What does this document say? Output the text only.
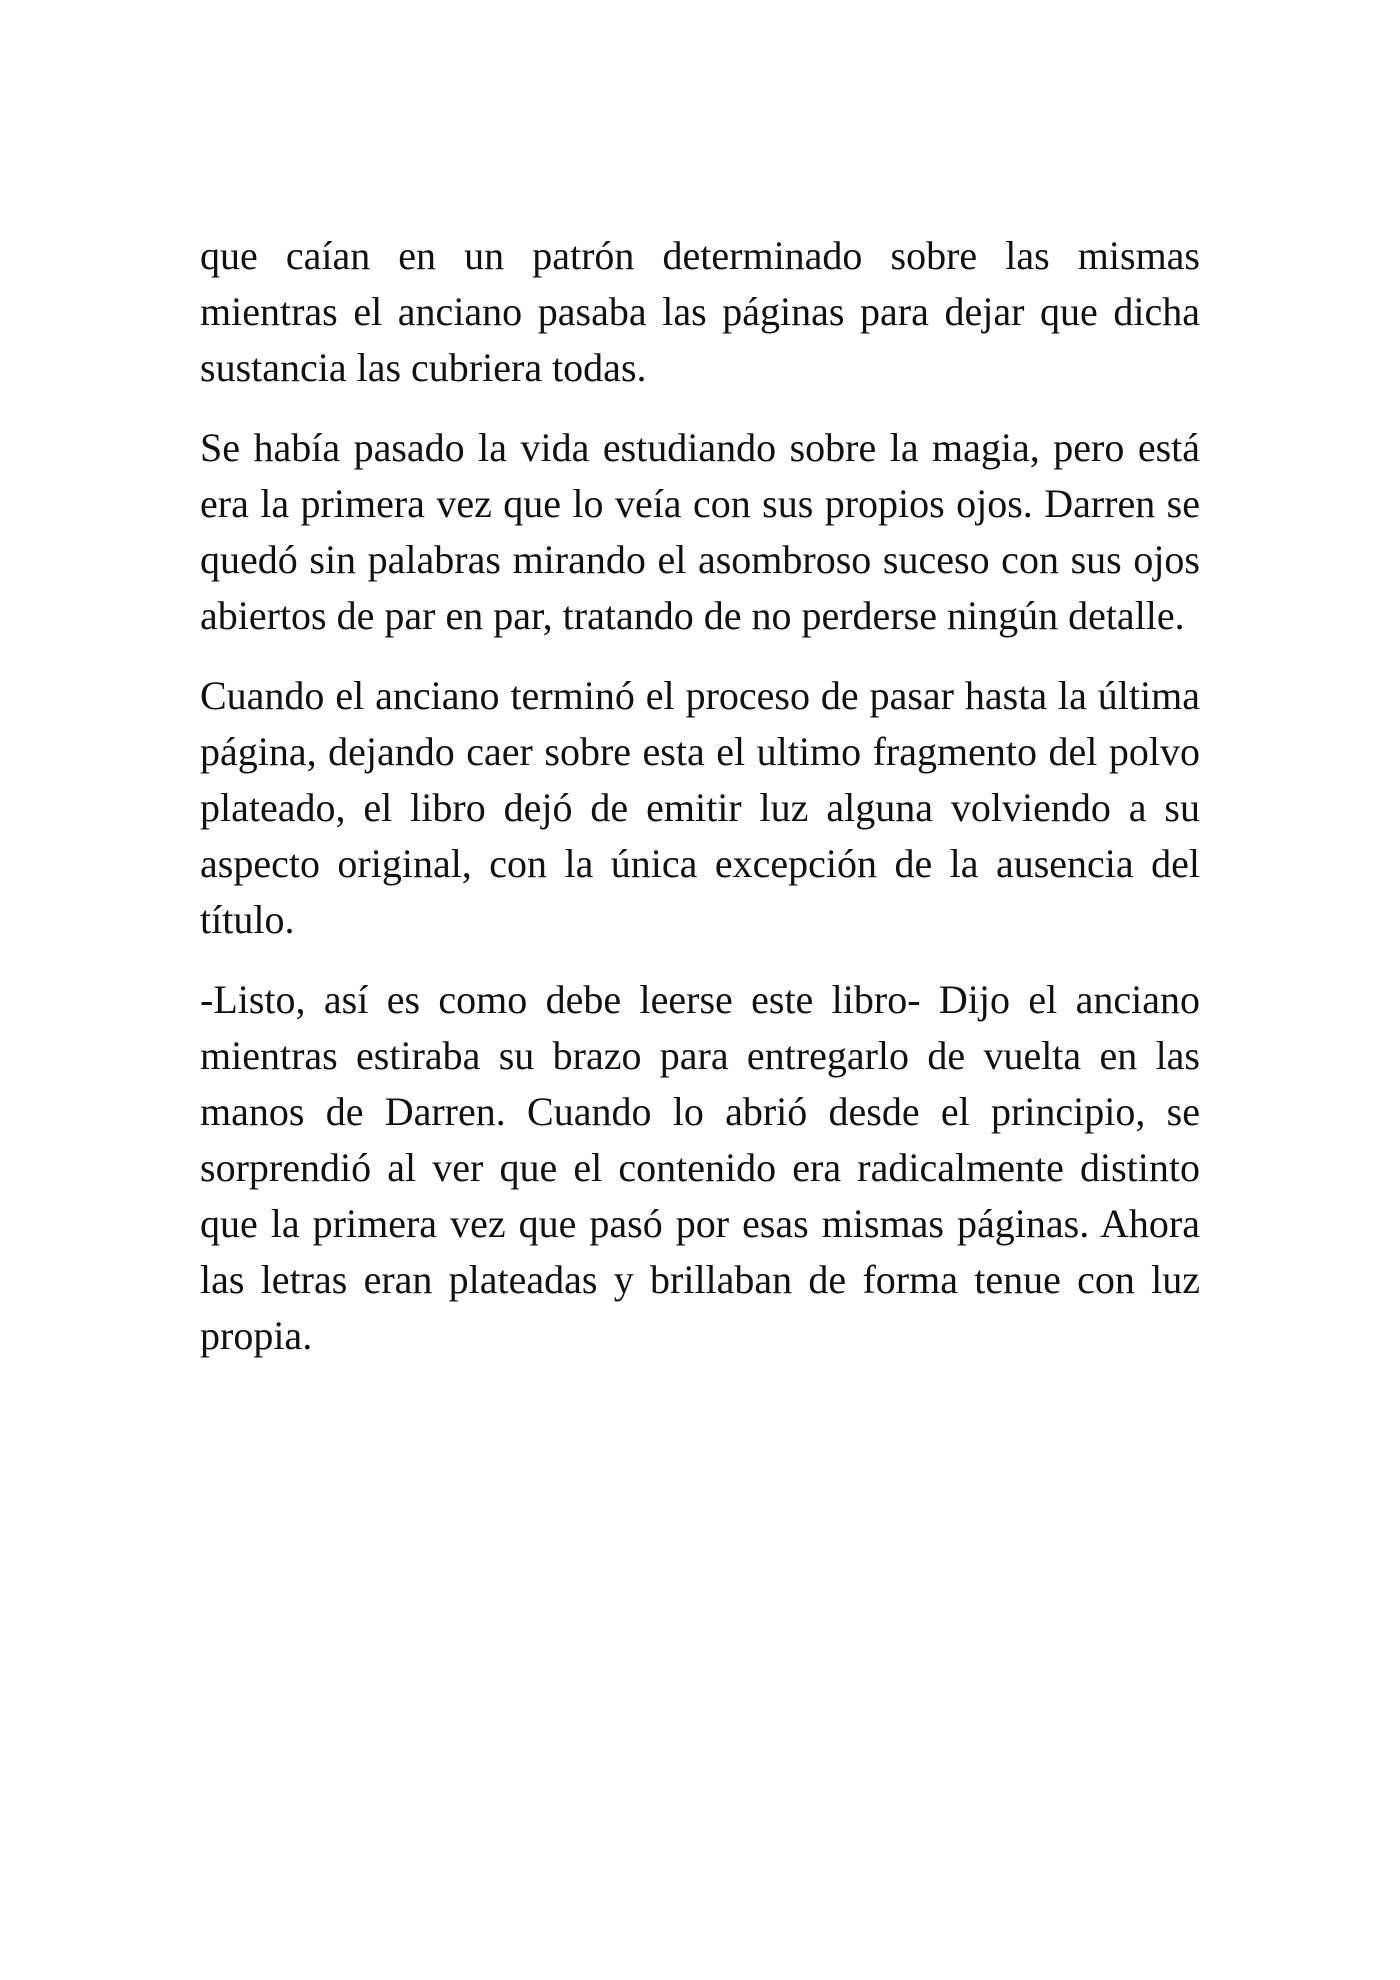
que caían en un patrón determinado sobre las mismas mientras el anciano pasaba las páginas para dejar que dicha sustancia las cubriera todas.

Se había pasado la vida estudiando sobre la magia, pero está era la primera vez que lo veía con sus propios ojos. Darren se quedó sin palabras mirando el asombroso suceso con sus ojos abiertos de par en par, tratando de no perderse ningún detalle.

Cuando el anciano terminó el proceso de pasar hasta la última página, dejando caer sobre esta el ultimo fragmento del polvo plateado, el libro dejó de emitir luz alguna volviendo a su aspecto original, con la única excepción de la ausencia del título.

-Listo, así es como debe leerse este libro- Dijo el anciano mientras estiraba su brazo para entregarlo de vuelta en las manos de Darren. Cuando lo abrió desde el principio, se sorprendió al ver que el contenido era radicalmente distinto que la primera vez que pasó por esas mismas páginas. Ahora las letras eran plateadas y brillaban de forma tenue con luz propia.
